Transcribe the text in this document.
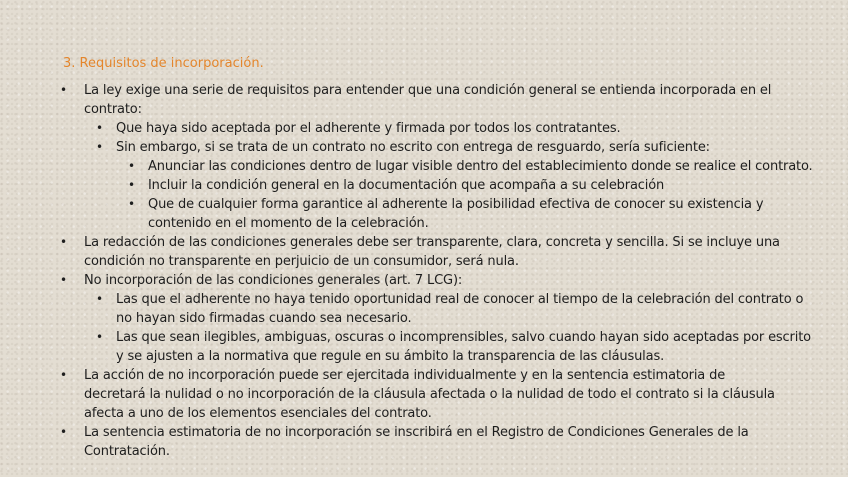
3. Requisitos de incorporación.
• La ley exige una serie de requisitos para entender que una condición general se entienda incorporada en el contrato:
• Que haya sido aceptada por el adherente y firmada por todos los contratantes.
• Sin embargo, si se trata de un contrato no escrito con entrega de resguardo, sería suficiente:
• Anunciar las condiciones dentro de lugar visible dentro del establecimiento donde se realice el contrato.
• Incluir la condición general en la documentación que acompaña a su celebración
• Que de cualquier forma garantice al adherente la posibilidad efectiva de conocer su existencia y contenido en el momento de la celebración.
• La redacción de las condiciones generales debe ser transparente, clara, concreta y sencilla. Si se incluye una condición no transparente en perjuicio de un consumidor, será nula.
• No incorporación de las condiciones generales (art. 7 LCG):
• Las que el adherente no haya tenido oportunidad real de conocer al tiempo de la celebración del contrato o no hayan sido firmadas cuando sea necesario.
• Las que sean ilegibles, ambiguas, oscuras o incomprensibles, salvo cuando hayan sido aceptadas por escrito y se ajusten a la normativa que regule en su ámbito la transparencia de las cláusulas.
• La acción de no incorporación puede ser ejercitada individualmente y en la sentencia estimatoria de decretará la nulidad o no incorporación de la cláusula afectada o la nulidad de todo el contrato si la cláusula afecta a uno de los elementos esenciales del contrato.
• La sentencia estimatoria de no incorporación se inscribirá en el Registro de Condiciones Generales de la Contratación.
